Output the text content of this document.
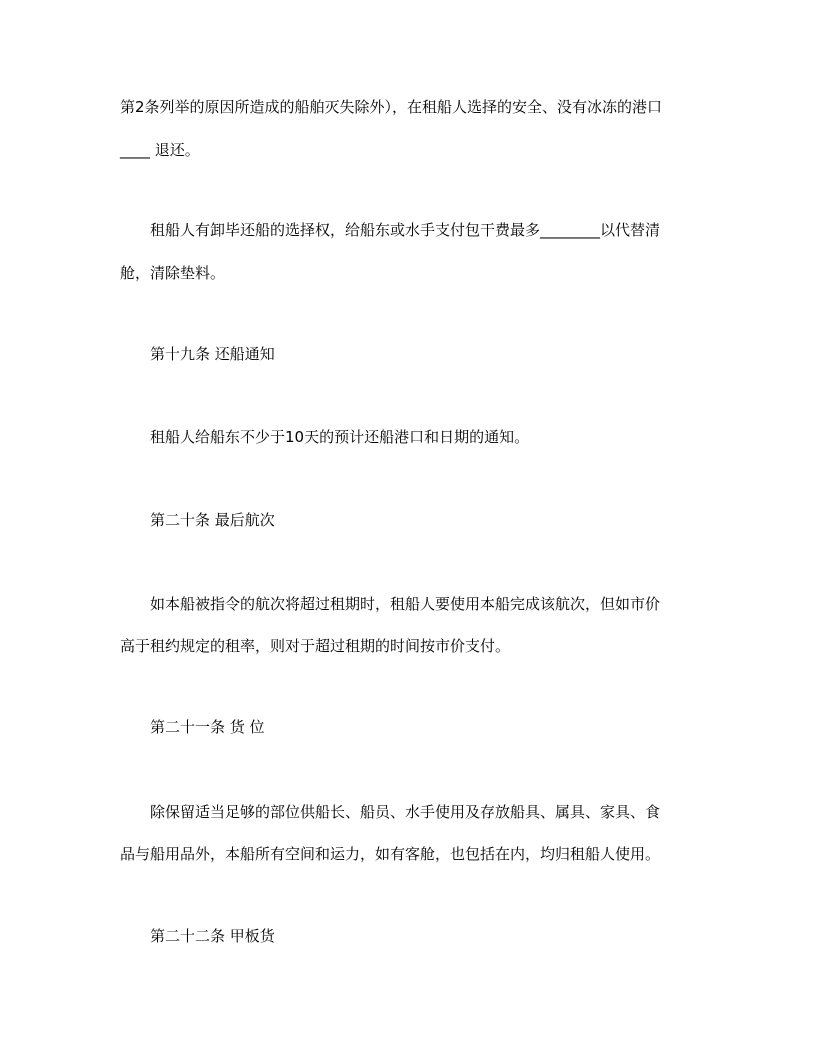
第2条列举的原因所造成的船舶灭失除外），在租船人选择的安全、没有冰冻的港口
____ 退还。
租船人有卸毕还船的选择权，给船东或水手支付包干费最多________以代替清
舱，清除垫料。
第十九条 还船通知
租船人给船东不少于10天的预计还船港口和日期的通知。
第二十条 最后航次
如本船被指令的航次将超过租期时，租船人要使用本船完成该航次，但如市价
高于租约规定的租率，则对于超过租期的时间按市价支付。
第二十一条 货 位
除保留适当足够的部位供船长、船员、水手使用及存放船具、属具、家具、食
品与船用品外，本船所有空间和运力，如有客舱，也包括在内，均归租船人使用。
第二十二条 甲板货
